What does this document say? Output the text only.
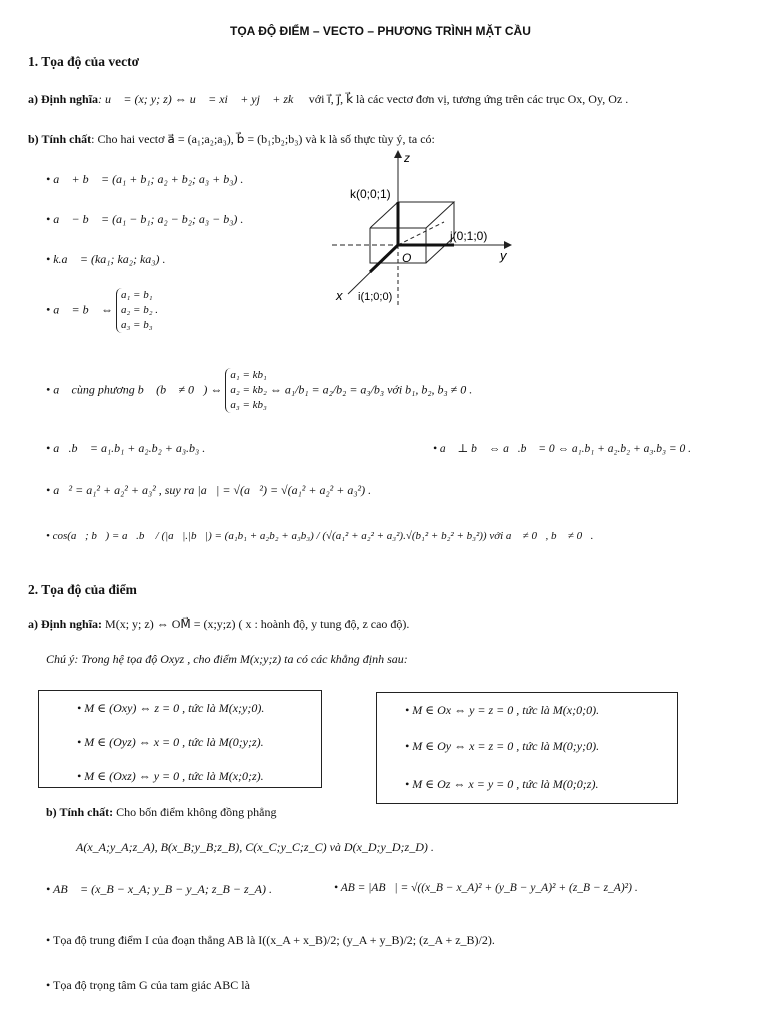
TỌA ĐỘ ĐIỂM – VECTO – PHƯƠNG TRÌNH MẶT CẦU
1. Tọa độ của vectơ
a) Định nghĩa: u⃗ = (x; y; z) ⇔ u⃗ = xi⃗ + yj⃗ + zk⃗ với i⃗, j⃗, k⃗ là các vectơ đơn vị, tương ứng trên các trục Ox, Oy, Oz .
b) Tính chất: Cho hai vectơ a⃗ = (a₁;a₂;a₃), b⃗ = (b₁;b₂;b₃) và k là số thực tùy ý, ta có:
• a⃗ + b⃗ = (a₁ + b₁; a₂ + b₂; a₃ + b₃) .
• a⃗ − b⃗ = (a₁ − b₁; a₂ − b₂; a₃ − b₃) .
• k.a⃗ = (ka₁; ka₂; ka₃) .
• a⃗ = b⃗ ⇔ a₁ = b₁
a₂ = b₂ .
a₃ = b₃
• a⃗ cùng phương b⃗ (b⃗ ≠ 0⃗) ⇔ a₁ = kb₁
a₂ = kb₂
a₃ = kb₃ ⇔ a₁/b₁ = a₂/b₂ = a₃/b₃ với b₁, b₂, b₃ ≠ 0 .
• a⃗.b⃗ = a₁.b₁ + a₂.b₂ + a₃.b₃ .	• a⃗ ⊥ b⃗ ⇔ a⃗.b⃗ = 0 ⇔ a₁.b₁ + a₂.b₂ + a₃.b₃ = 0 .
• a⃗² = a₁² + a₂² + a₃² , suy ra |a⃗| = √(a⃗²) = √(a₁² + a₂² + a₃²) .
• cos(a⃗; b⃗) = a⃗.b⃗ / (|a⃗|.|b⃗|) = (a₁b₁ + a₂b₂ + a₃b₃) / (√(a₁² + a₂² + a₃²).√(b₁² + b₂² + b₃²)) với a⃗ ≠ 0⃗, b⃗ ≠ 0⃗.
z
y
x
O
k(0;0;1)
j(0;1;0)
i(1;0;0)
2. Tọa độ của điểm
a) Định nghĩa: M(x; y; z) ⇔ OM⃗ = (x;y;z) ( x : hoành độ, y tung độ, z cao độ).
Chú ý: Trong hệ tọa độ Oxyz , cho điểm M(x;y;z) ta có các khẳng định sau:
• M ∈ (Oxy) ⇔ z = 0 , tức là M(x;y;0).
• M ∈ (Oyz) ⇔ x = 0 , tức là M(0;y;z).
• M ∈ (Oxz) ⇔ y = 0 , tức là M(x;0;z).
• M ∈ Ox ⇔ y = z = 0 , tức là M(x;0;0).
• M ∈ Oy ⇔ x = z = 0 , tức là M(0;y;0).
• M ∈ Oz ⇔ x = y = 0 , tức là M(0;0;z).
b) Tính chất: Cho bốn điểm không đồng phẳng
A(x_A;y_A;z_A), B(x_B;y_B;z_B), C(x_C;y_C;z_C) và D(x_D;y_D;z_D) .
• AB⃗ = (x_B − x_A; y_B − y_A; z_B − z_A) .	• AB = |AB⃗| = √((x_B − x_A)² + (y_B − y_A)² + (z_B − z_A)²) .
• Tọa độ trung điểm I của đoạn thẳng AB là I((x_A + x_B)/2; (y_A + y_B)/2; (z_A + z_B)/2).
• Tọa độ trọng tâm G của tam giác ABC là
